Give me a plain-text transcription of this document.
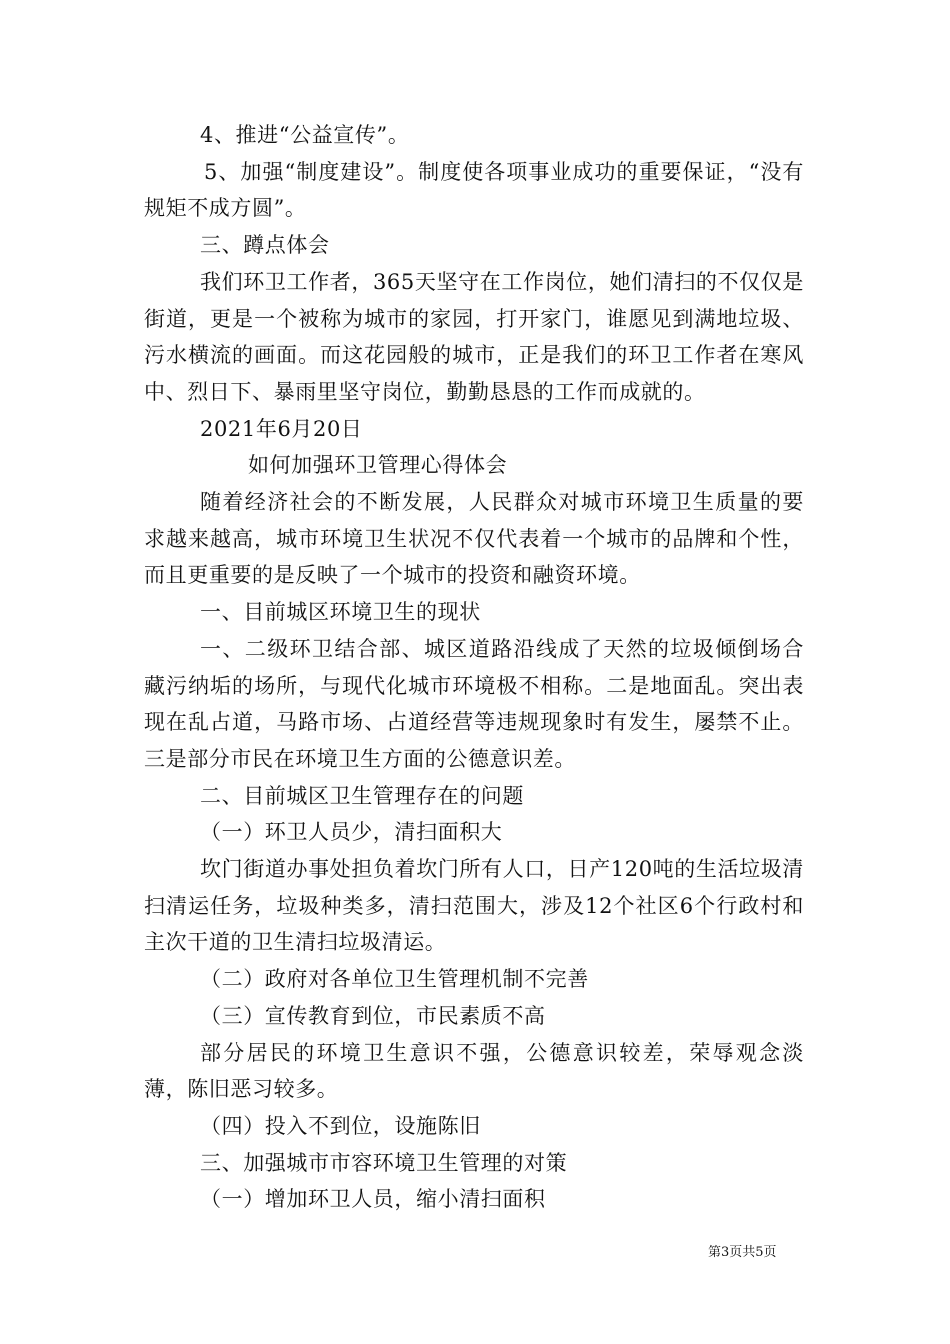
4、推进“公益宣传”。

5、加强“制度建设”。制度使各项事业成功的重要保证，“没有规矩不成方圆”。

三、蹲点体会

我们环卫工作者，365天坚守在工作岗位，她们清扫的不仅仅是街道，更是一个被称为城市的家园，打开家门，谁愿见到满地垃圾、污水横流的画面。而这花园般的城市，正是我们的环卫工作者在寒风中、烈日下、暴雨里坚守岗位，勤勤恳恳的工作而成就的。

2021年6月20日

如何加强环卫管理心得体会

随着经济社会的不断发展，人民群众对城市环境卫生质量的要求越来越高，城市环境卫生状况不仅代表着一个城市的品牌和个性，而且更重要的是反映了一个城市的投资和融资环境。

一、目前城区环境卫生的现状

一、二级环卫结合部、城区道路沿线成了天然的垃圾倾倒场合藏污纳垢的场所，与现代化城市环境极不相称。二是地面乱。突出表现在乱占道，马路市场、占道经营等违规现象时有发生，屡禁不止。三是部分市民在环境卫生方面的公德意识差。

二、目前城区卫生管理存在的问题

（一）环卫人员少，清扫面积大

坎门街道办事处担负着坎门所有人口，日产120吨的生活垃圾清扫清运任务，垃圾种类多，清扫范围大，涉及12个社区6个行政村和主次干道的卫生清扫垃圾清运。

（二）政府对各单位卫生管理机制不完善

（三）宣传教育到位，市民素质不高

部分居民的环境卫生意识不强，公德意识较差，荣辱观念淡薄，陈旧恶习较多。

（四）投入不到位，设施陈旧

三、加强城市市容环境卫生管理的对策

（一）增加环卫人员，缩小清扫面积

第3页共5页
